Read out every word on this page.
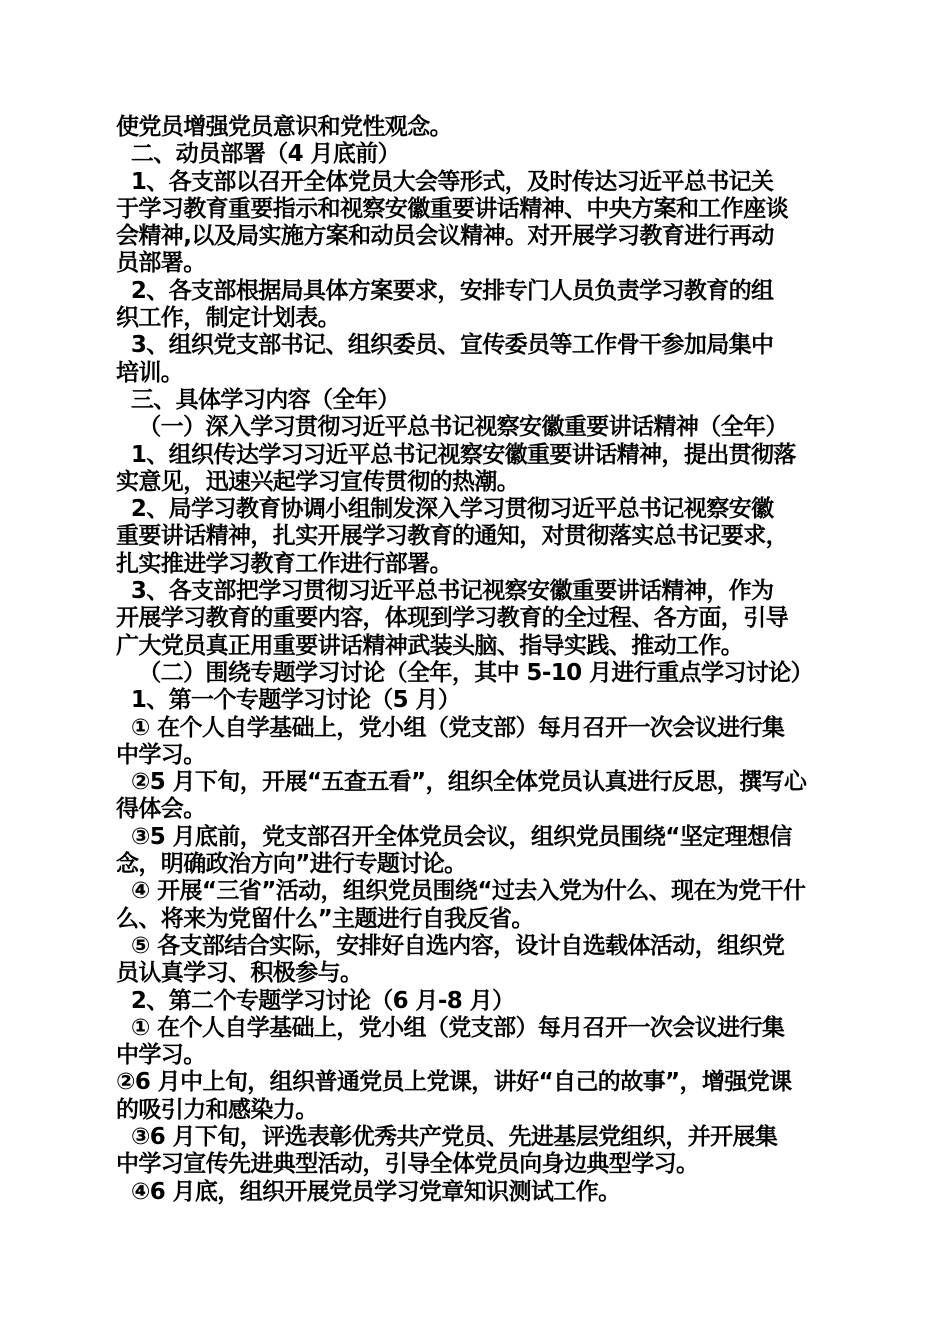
使党员增强党员意识和党性观念。
二、动员部署（4 月底前）
1、各支部以召开全体党员大会等形式，及时传达习近平总书记关
于学习教育重要指示和视察安徽重要讲话精神、中央方案和工作座谈
会精神,以及局实施方案和动员会议精神。对开展学习教育进行再动
员部署。
2、各支部根据局具体方案要求，安排专门人员负责学习教育的组
织工作，制定计划表。
3、组织党支部书记、组织委员、宣传委员等工作骨干参加局集中
培训。
三、具体学习内容（全年）
（一）深入学习贯彻习近平总书记视察安徽重要讲话精神（全年）
1、组织传达学习习近平总书记视察安徽重要讲话精神，提出贯彻落
实意见，迅速兴起学习宣传贯彻的热潮。
2、局学习教育协调小组制发深入学习贯彻习近平总书记视察安徽
重要讲话精神，扎实开展学习教育的通知，对贯彻落实总书记要求，
扎实推进学习教育工作进行部署。
3、各支部把学习贯彻习近平总书记视察安徽重要讲话精神，作为
开展学习教育的重要内容，体现到学习教育的全过程、各方面，引导
广大党员真正用重要讲话精神武装头脑、指导实践、推动工作。
（二）围绕专题学习讨论（全年，其中 5-10 月进行重点学习讨论）
1、第一个专题学习讨论（5 月）
① 在个人自学基础上，党小组（党支部）每月召开一次会议进行集
中学习。
②5 月下旬，开展“五查五看”，组织全体党员认真进行反思，撰写心
得体会。
③5 月底前，党支部召开全体党员会议，组织党员围绕“坚定理想信
念，明确政治方向”进行专题讨论。
④ 开展“三省”活动，组织党员围绕“过去入党为什么、现在为党干什
么、将来为党留什么”主题进行自我反省。
⑤ 各支部结合实际，安排好自选内容，设计自选载体活动，组织党
员认真学习、积极参与。
2、第二个专题学习讨论（6 月-8 月）
① 在个人自学基础上，党小组（党支部）每月召开一次会议进行集
中学习。
②6 月中上旬，组织普通党员上党课，讲好“自己的故事”，增强党课
的吸引力和感染力。
③6 月下旬，评选表彰优秀共产党员、先进基层党组织，并开展集
中学习宣传先进典型活动，引导全体党员向身边典型学习。
④6 月底，组织开展党员学习党章知识测试工作。
